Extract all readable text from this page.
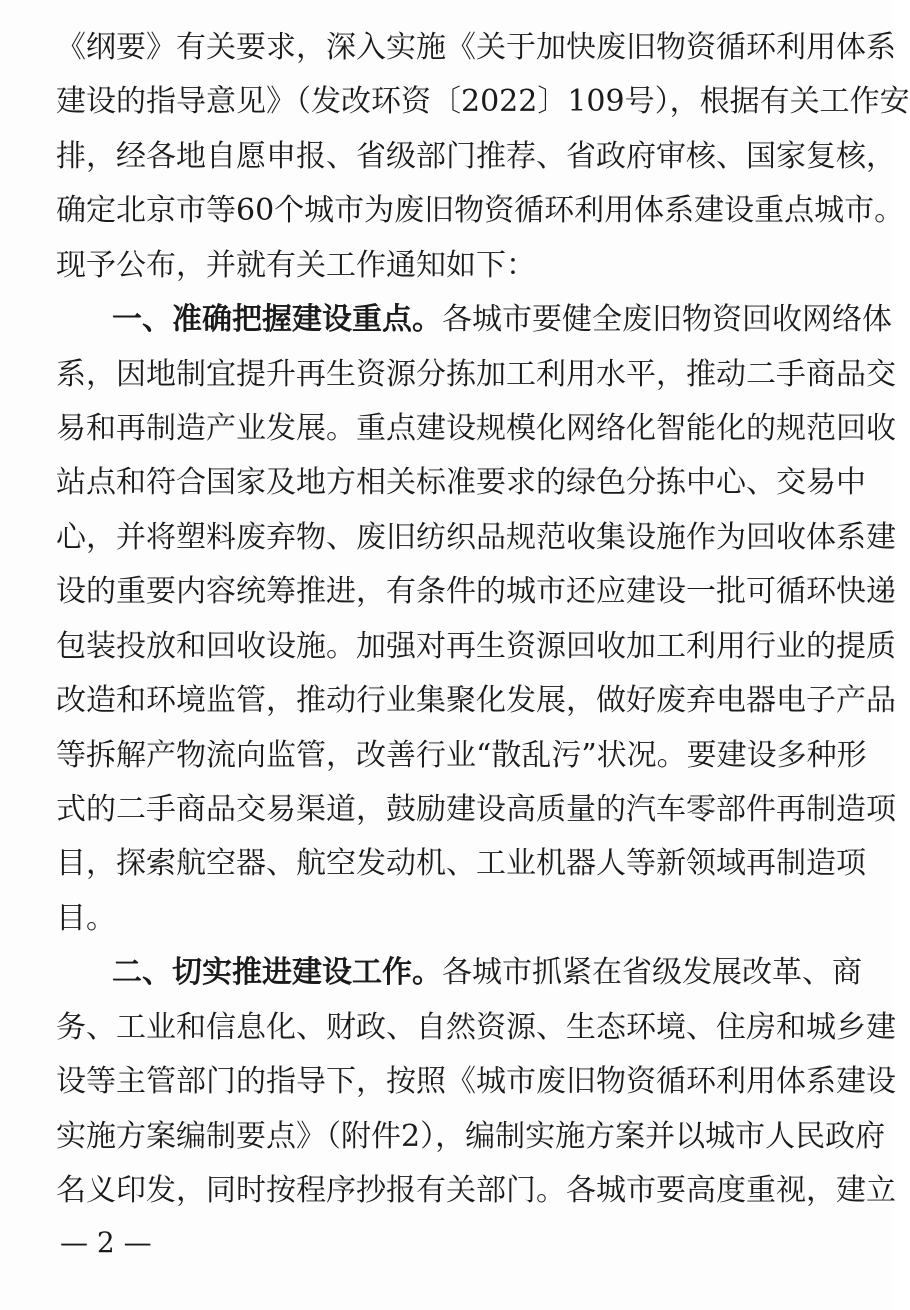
《纲要》有关要求，深入实施《关于加快废旧物资循环利用体系
建设的指导意见》（发改环资〔2022〕109号），根据有关工作安
排，经各地自愿申报、省级部门推荐、省政府审核、国家复核，
确定北京市等60个城市为废旧物资循环利用体系建设重点城市。
现予公布，并就有关工作通知如下：
一、准确把握建设重点。各城市要健全废旧物资回收网络体
系，因地制宜提升再生资源分拣加工利用水平，推动二手商品交
易和再制造产业发展。重点建设规模化网络化智能化的规范回收
站点和符合国家及地方相关标准要求的绿色分拣中心、交易中
心，并将塑料废弃物、废旧纺织品规范收集设施作为回收体系建
设的重要内容统筹推进，有条件的城市还应建设一批可循环快递
包装投放和回收设施。加强对再生资源回收加工利用行业的提质
改造和环境监管，推动行业集聚化发展，做好废弃电器电子产品
等拆解产物流向监管，改善行业“散乱污”状况。要建设多种形
式的二手商品交易渠道，鼓励建设高质量的汽车零部件再制造项
目，探索航空器、航空发动机、工业机器人等新领域再制造项
目。
二、切实推进建设工作。各城市抓紧在省级发展改革、商
务、工业和信息化、财政、自然资源、生态环境、住房和城乡建
设等主管部门的指导下，按照《城市废旧物资循环利用体系建设
实施方案编制要点》（附件2），编制实施方案并以城市人民政府
名义印发，同时按程序抄报有关部门。各城市要高度重视，建立
— 2 —
